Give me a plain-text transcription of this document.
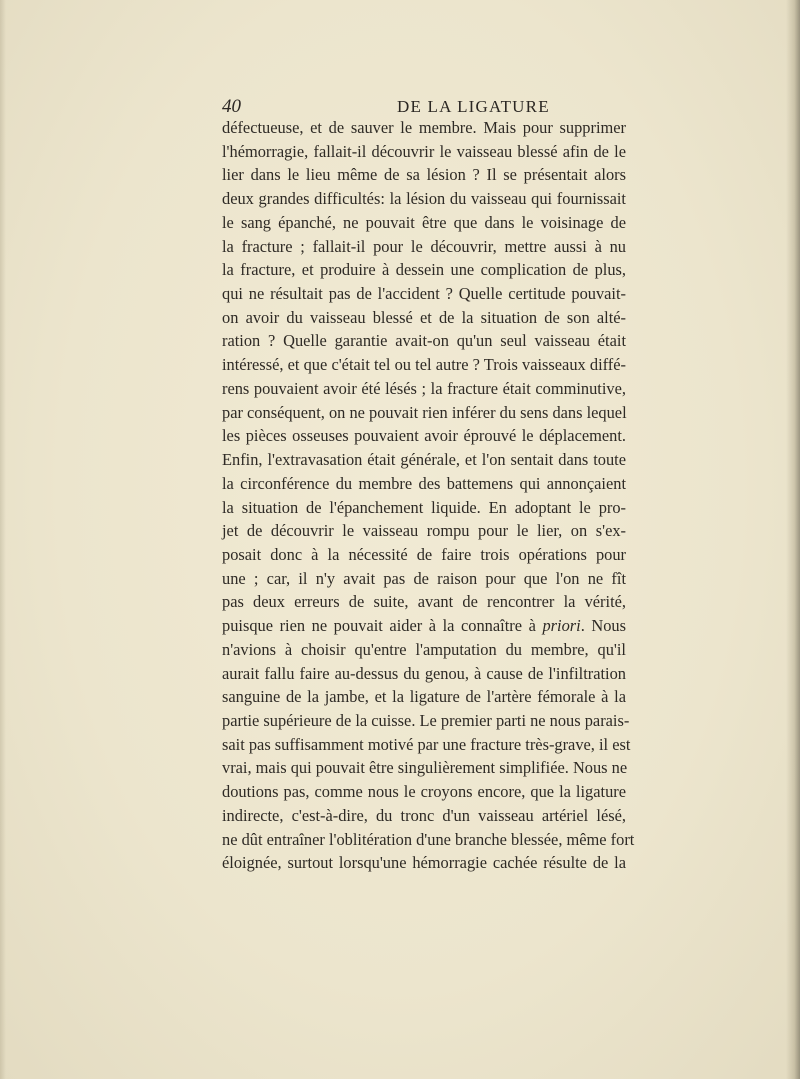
40	DE LA LIGATURE
défectueuse, et de sauver le membre. Mais pour supprimer
l'hémorragie, fallait-il découvrir le vaisseau blessé afin de le
lier dans le lieu même de sa lésion ? Il se présentait alors
deux grandes difficultés: la lésion du vaisseau qui fournissait
le sang épanché, ne pouvait être que dans le voisinage de
la fracture ; fallait-il pour le découvrir, mettre aussi à nu
la fracture, et produire à dessein une complication de plus,
qui ne résultait pas de l'accident ? Quelle certitude pouvait-
on avoir du vaisseau blessé et de la situation de son alté-
ration ? Quelle garantie avait-on qu'un seul vaisseau était
intéressé, et que c'était tel ou tel autre ? Trois vaisseaux diffé-
rens pouvaient avoir été lésés ; la fracture était comminutive,
par conséquent, on ne pouvait rien inférer du sens dans lequel
les pièces osseuses pouvaient avoir éprouvé le déplacement.
Enfin, l'extravasation était générale, et l'on sentait dans toute
la circonférence du membre des battemens qui annonçaient
la situation de l'épanchement liquide. En adoptant le pro-
jet de découvrir le vaisseau rompu pour le lier, on s'ex-
posait donc à la nécessité de faire trois opérations pour
une ; car, il n'y avait pas de raison pour que l'on ne fît
pas deux erreurs de suite, avant de rencontrer la vérité,
puisque rien ne pouvait aider à la connaître à priori. Nous
n'avions à choisir qu'entre l'amputation du membre, qu'il
aurait fallu faire au-dessus du genou, à cause de l'infiltration
sanguine de la jambe, et la ligature de l'artère fémorale à la
partie supérieure de la cuisse. Le premier parti ne nous parais-
sait pas suffisamment motivé par une fracture très-grave, il est
vrai, mais qui pouvait être singulièrement simplifiée. Nous ne
doutions pas, comme nous le croyons encore, que la ligature
indirecte, c'est-à-dire, du tronc d'un vaisseau artériel lésé,
ne dût entraîner l'oblitération d'une branche blessée, même fort
éloignée, surtout lorsqu'une hémorragie cachée résulte de la
